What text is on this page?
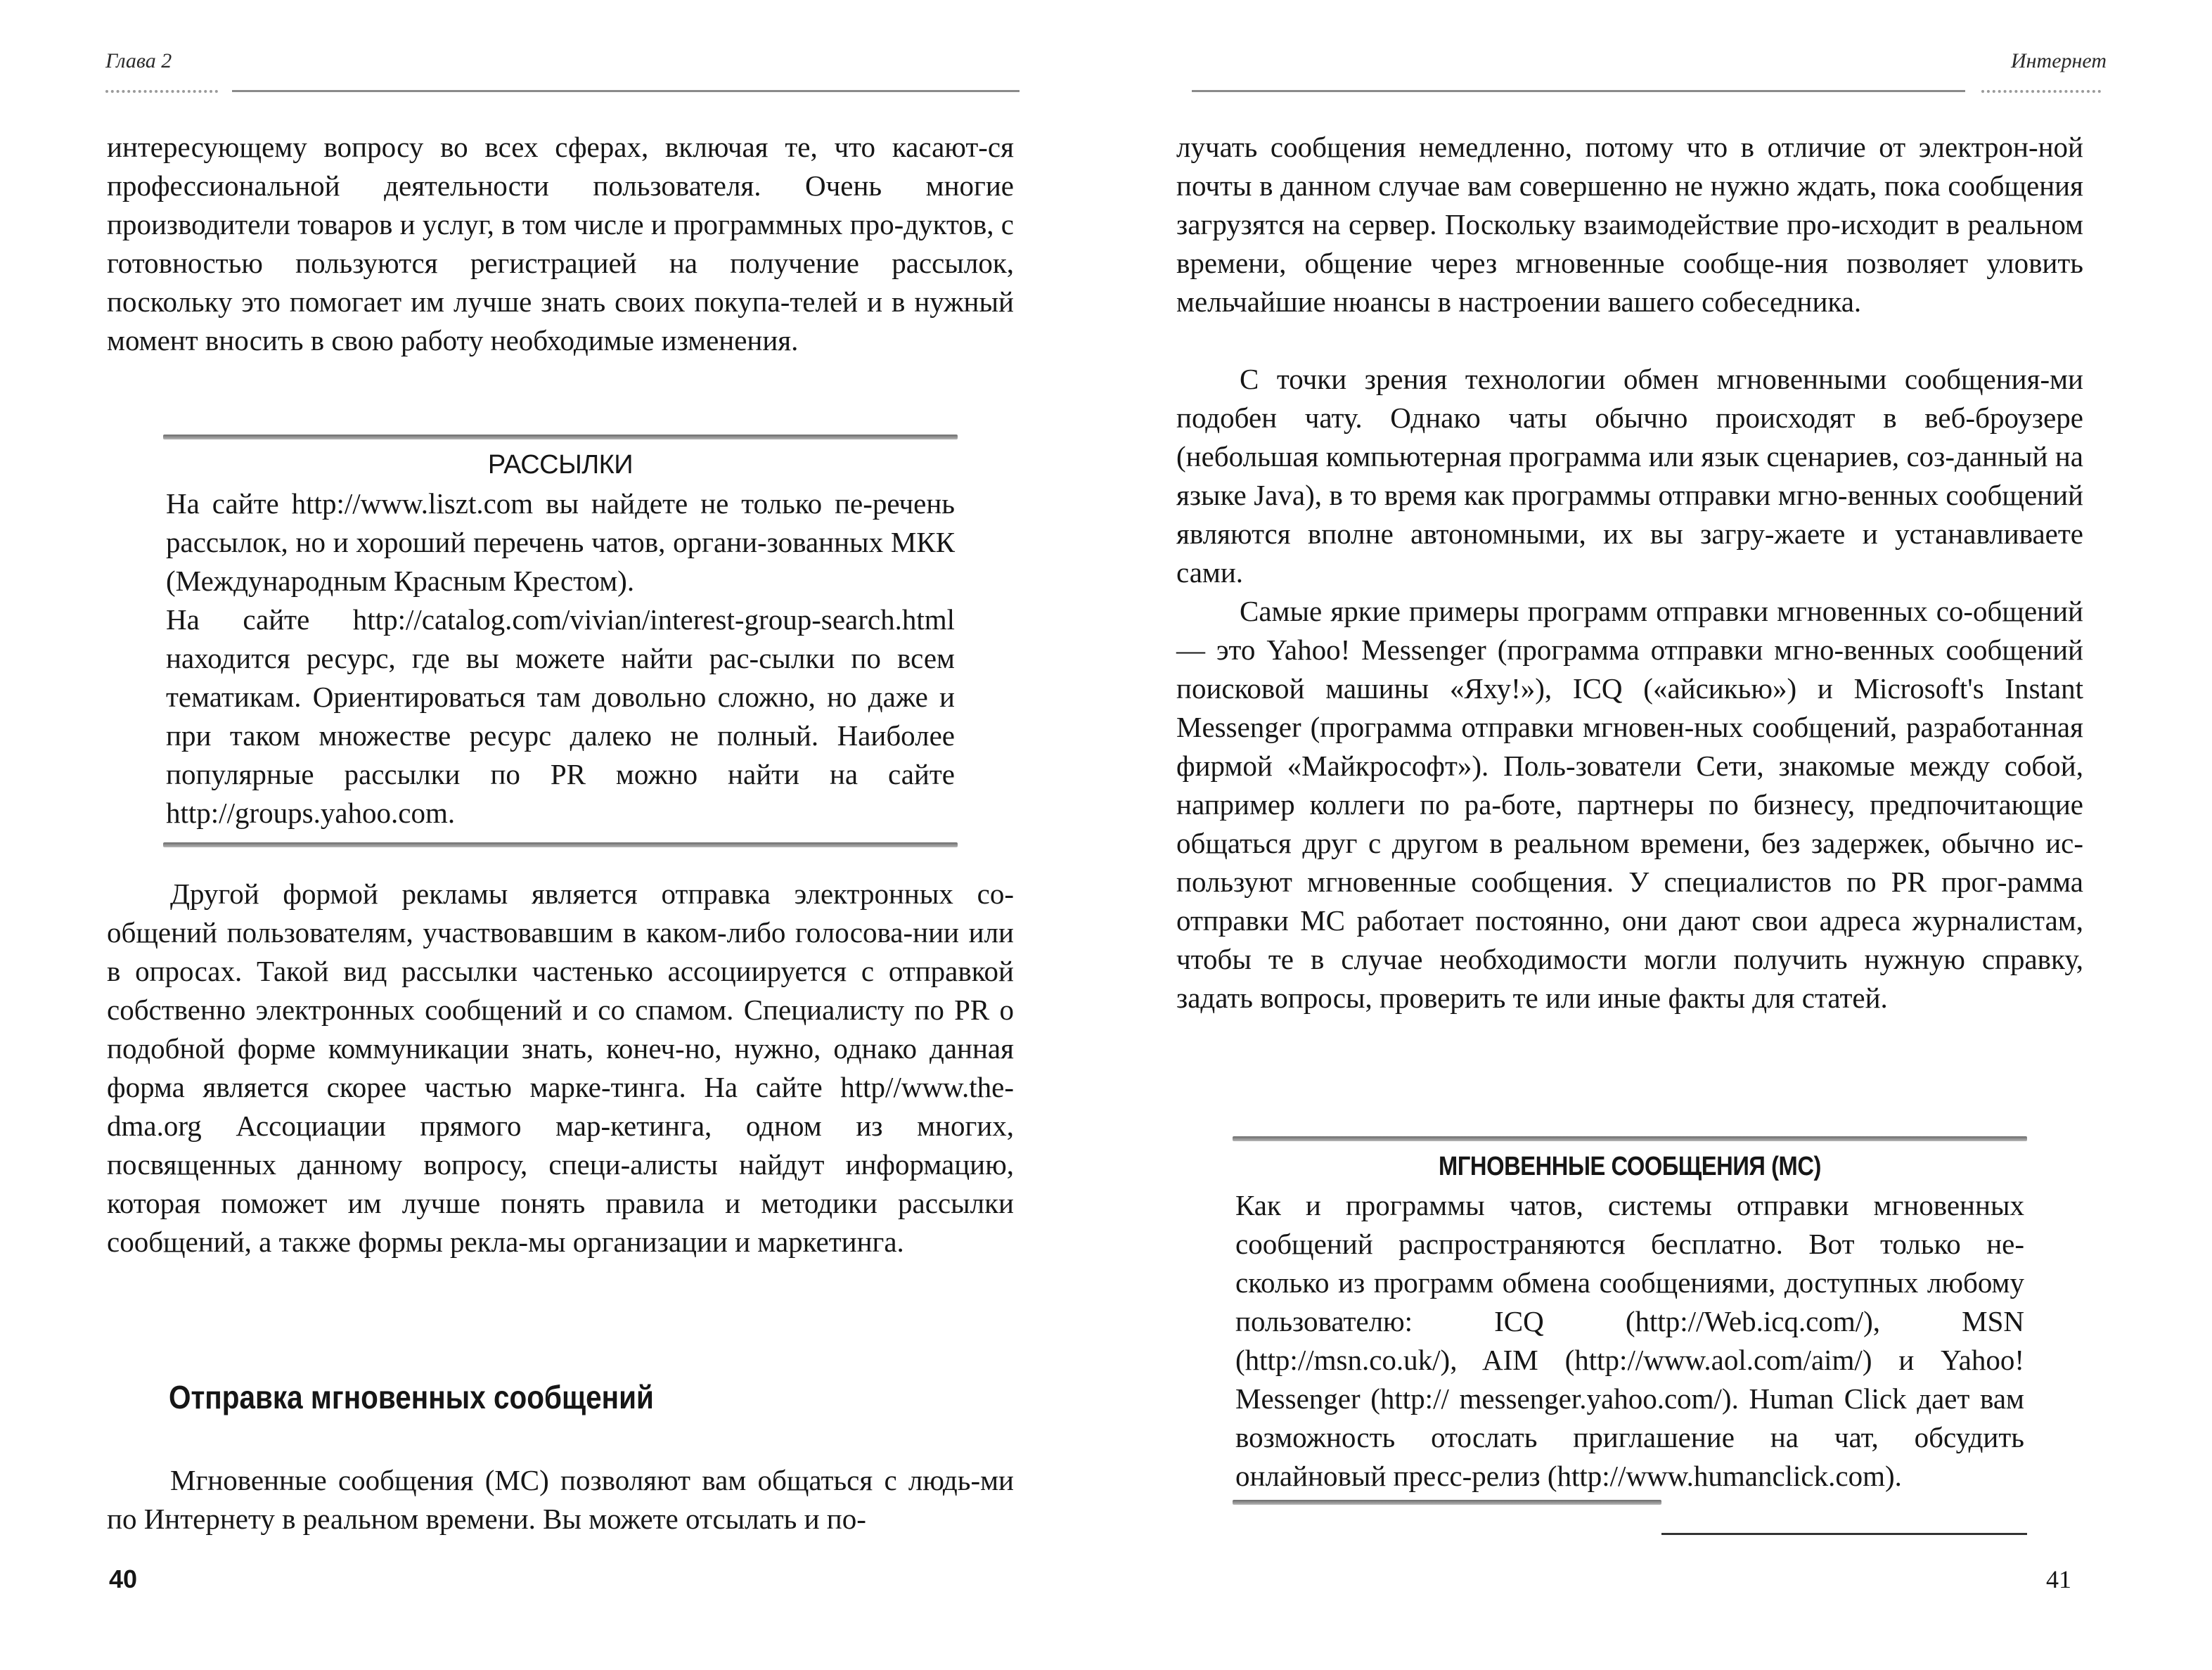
Глава 2

интересующему вопросу во всех сферах, включая те, что касают-ся профессиональной деятельности пользователя. Очень многие производители товаров и услуг, в том числе и программных про-дуктов, с готовностью пользуются регистрацией на получение рассылок, поскольку это помогает им лучше знать своих покупа-телей и в нужный момент вносить в свою работу необходимые изменения.

РАССЫЛКИ

На сайте http://www.liszt.com вы найдете не только пе-речень рассылок, но и хороший перечень чатов, органи-зованных МКК (Международным Красным Крестом).

На сайте http://catalog.com/vivian/interest-group-search.html находится ресурс, где вы можете найти рас-сылки по всем тематикам. Ориентироваться там довольно сложно, но даже и при таком множестве ресурс далеко не полный. Наиболее популярные рассылки по PR можно найти на сайте http://groups.yahoo.com.

Другой формой рекламы является отправка электронных со-общений пользователям, участвовавшим в каком-либо голосова-нии или в опросах. Такой вид рассылки частенько ассоциируется с отправкой собственно электронных сообщений и со спамом. Специалисту по PR о подобной форме коммуникации знать, конеч-но, нужно, однако данная форма является скорее частью марке-тинга. На сайте http//www.the-dma.org Ассоциации прямого мар-кетинга, одном из многих, посвященных данному вопросу, специ-алисты найдут информацию, которая поможет им лучше понять правила и методики рассылки сообщений, а также формы рекла-мы организации и маркетинга.

Отправка мгновенных сообщений

Мгновенные сообщения (МС) позволяют вам общаться с людь-ми по Интернету в реальном времени. Вы можете отсылать и по-

40
Интернет

лучать сообщения немедленно, потому что в отличие от электрон-ной почты в данном случае вам совершенно не нужно ждать, пока сообщения загрузятся на сервер. Поскольку взаимодействие про-исходит в реальном времени, общение через мгновенные сообще-ния позволяет уловить мельчайшие нюансы в настроении вашего собеседника.

С точки зрения технологии обмен мгновенными сообщения-ми подобен чату. Однако чаты обычно происходят в веб-броузере (небольшая компьютерная программа или язык сценариев, соз-данный на языке Java), в то время как программы отправки мгно-венных сообщений являются вполне автономными, их вы загру-жаете и устанавливаете сами.

Самые яркие примеры программ отправки мгновенных со-общений — это Yahoo! Messenger (программа отправки мгно-венных сообщений поисковой машины «Яху!»), ICQ («айсикью») и Microsoft's Instant Messenger (программа отправки мгновен-ных сообщений, разработанная фирмой «Майкрософт»). Поль-зователи Сети, знакомые между собой, например коллеги по ра-боте, партнеры по бизнесу, предпочитающие общаться друг с другом в реальном времени, без задержек, обычно ис-пользуют мгновенные сообщения. У специалистов по PR прог-рамма отправки МС работает постоянно, они дают свои адреса журналистам, чтобы те в случае необходимости могли получить нужную справку, задать вопросы, проверить те или иные факты для статей.

МГНОВЕННЫЕ СООБЩЕНИЯ (МС)

Как и программы чатов, системы отправки мгновенных сообщений распространяются бесплатно. Вот только не-сколько из программ обмена сообщениями, доступных любому пользователю: ICQ (http://Web.icq.com/), MSN (http://msn.co.uk/), AIM (http://www.aol.com/aim/) и Yahoo! Messenger (http:// messenger.yahoo.com/). Human Click дает вам возможность отослать приглашение на чат, обсудить онлайновый пресс-релиз (http://www.humanclick.com).

41
